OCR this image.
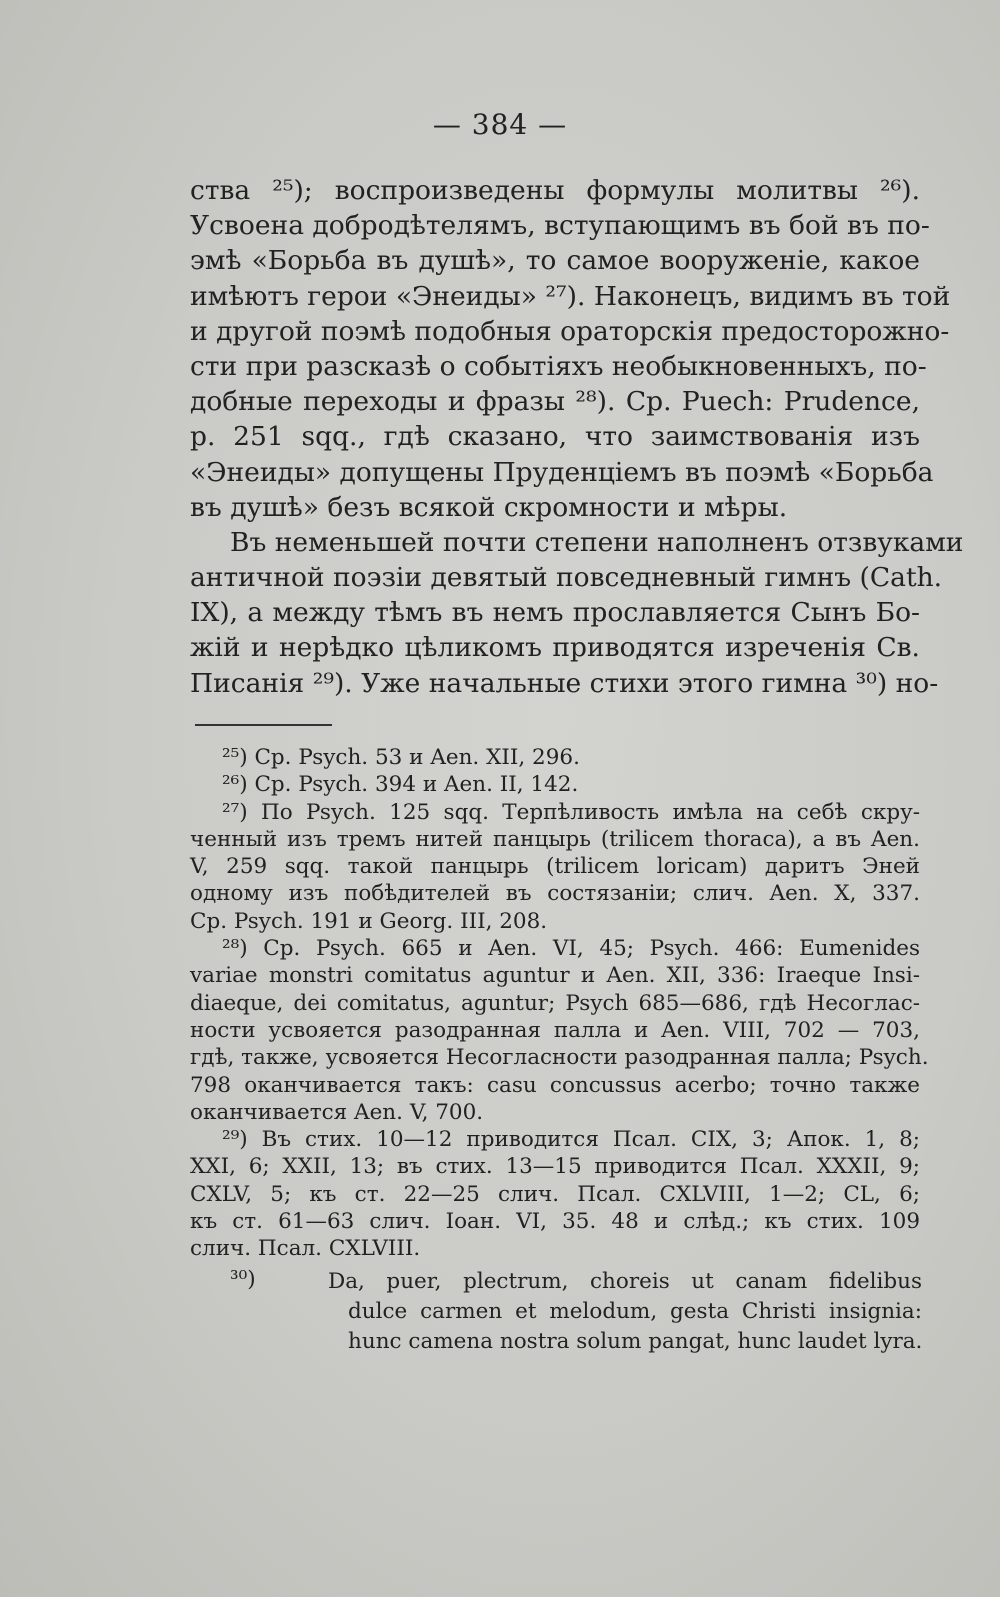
— 384 —
ства ²⁵); воспроизведены формулы молитвы ²⁶).
Усвоена добродѣтелямъ, вступающимъ въ бой въ по-
эмѣ «Борьба въ душѣ», то самое вооруженіе, какое
имѣютъ герои «Энеиды» ²⁷). Наконецъ, видимъ въ той
и другой поэмѣ подобныя ораторскія предосторожно-
сти при разсказѣ о событіяхъ необыкновенныхъ, по-
добные переходы и фразы ²⁸). Ср. Puech: Prudence,
p. 251 sqq., гдѣ сказано, что заимствованія изъ
«Энеиды» допущены Пруденціемъ въ поэмѣ «Борьба
въ душѣ» безъ всякой скромности и мѣры.
Въ неменьшей почти степени наполненъ отзвуками
античной поэзіи девятый повседневный гимнъ (Cath.
IX), а между тѣмъ въ немъ прославляется Сынъ Бо-
жій и нерѣдко цѣликомъ приводятся изреченія Св.
Писанія ²⁹). Уже начальные стихи этого гимна ³⁰) но-
²⁵) Ср. Psych. 53 и Aen. XII, 296.
²⁶) Ср. Psych. 394 и Aen. II, 142.
²⁷) По Psych. 125 sqq. Терпѣливость имѣла на себѣ скру-
ченный изъ тремъ нитей панцырь (trilicem thoraca), а въ Aen.
V, 259 sqq. такой панцырь (trilicem loricam) даритъ Эней
одному изъ побѣдителей въ состязаніи; слич. Aen. X, 337.
Ср. Psych. 191 и Georg. III, 208.
²⁸) Ср. Psych. 665 и Aen. VI, 45; Psych. 466: Eumenides
variae monstri comitatus aguntur и Aen. XII, 336: Iraeque Insi-
diaeque, dei comitatus, aguntur; Psych 685—686, гдѣ Несоглас-
ности усвояется разодранная палла и Aen. VIII, 702 — 703,
гдѣ, также, усвояется Несогласности разодранная палла; Psych.
798 оканчивается такъ: casu concussus acerbo; точно также
оканчивается Aen. V, 700.
²⁹) Въ стих. 10—12 приводится Псал. CIX, 3; Апок. 1, 8;
XXI, 6; XXII, 13; въ стих. 13—15 приводится Псал. XXXII, 9;
CXLV, 5; къ ст. 22—25 слич. Псал. CXLVIII, 1—2; CL, 6;
къ ст. 61—63 слич. Іоан. VI, 35. 48 и слѣд.; къ стих. 109
слич. Псал. CXLVIII.
³⁰)	Da, puer, plectrum, choreis ut canam fidelibus
dulce carmen et melodum, gesta Christi insignia:
hunc camena nostra solum pangat, hunc laudet lyra.
